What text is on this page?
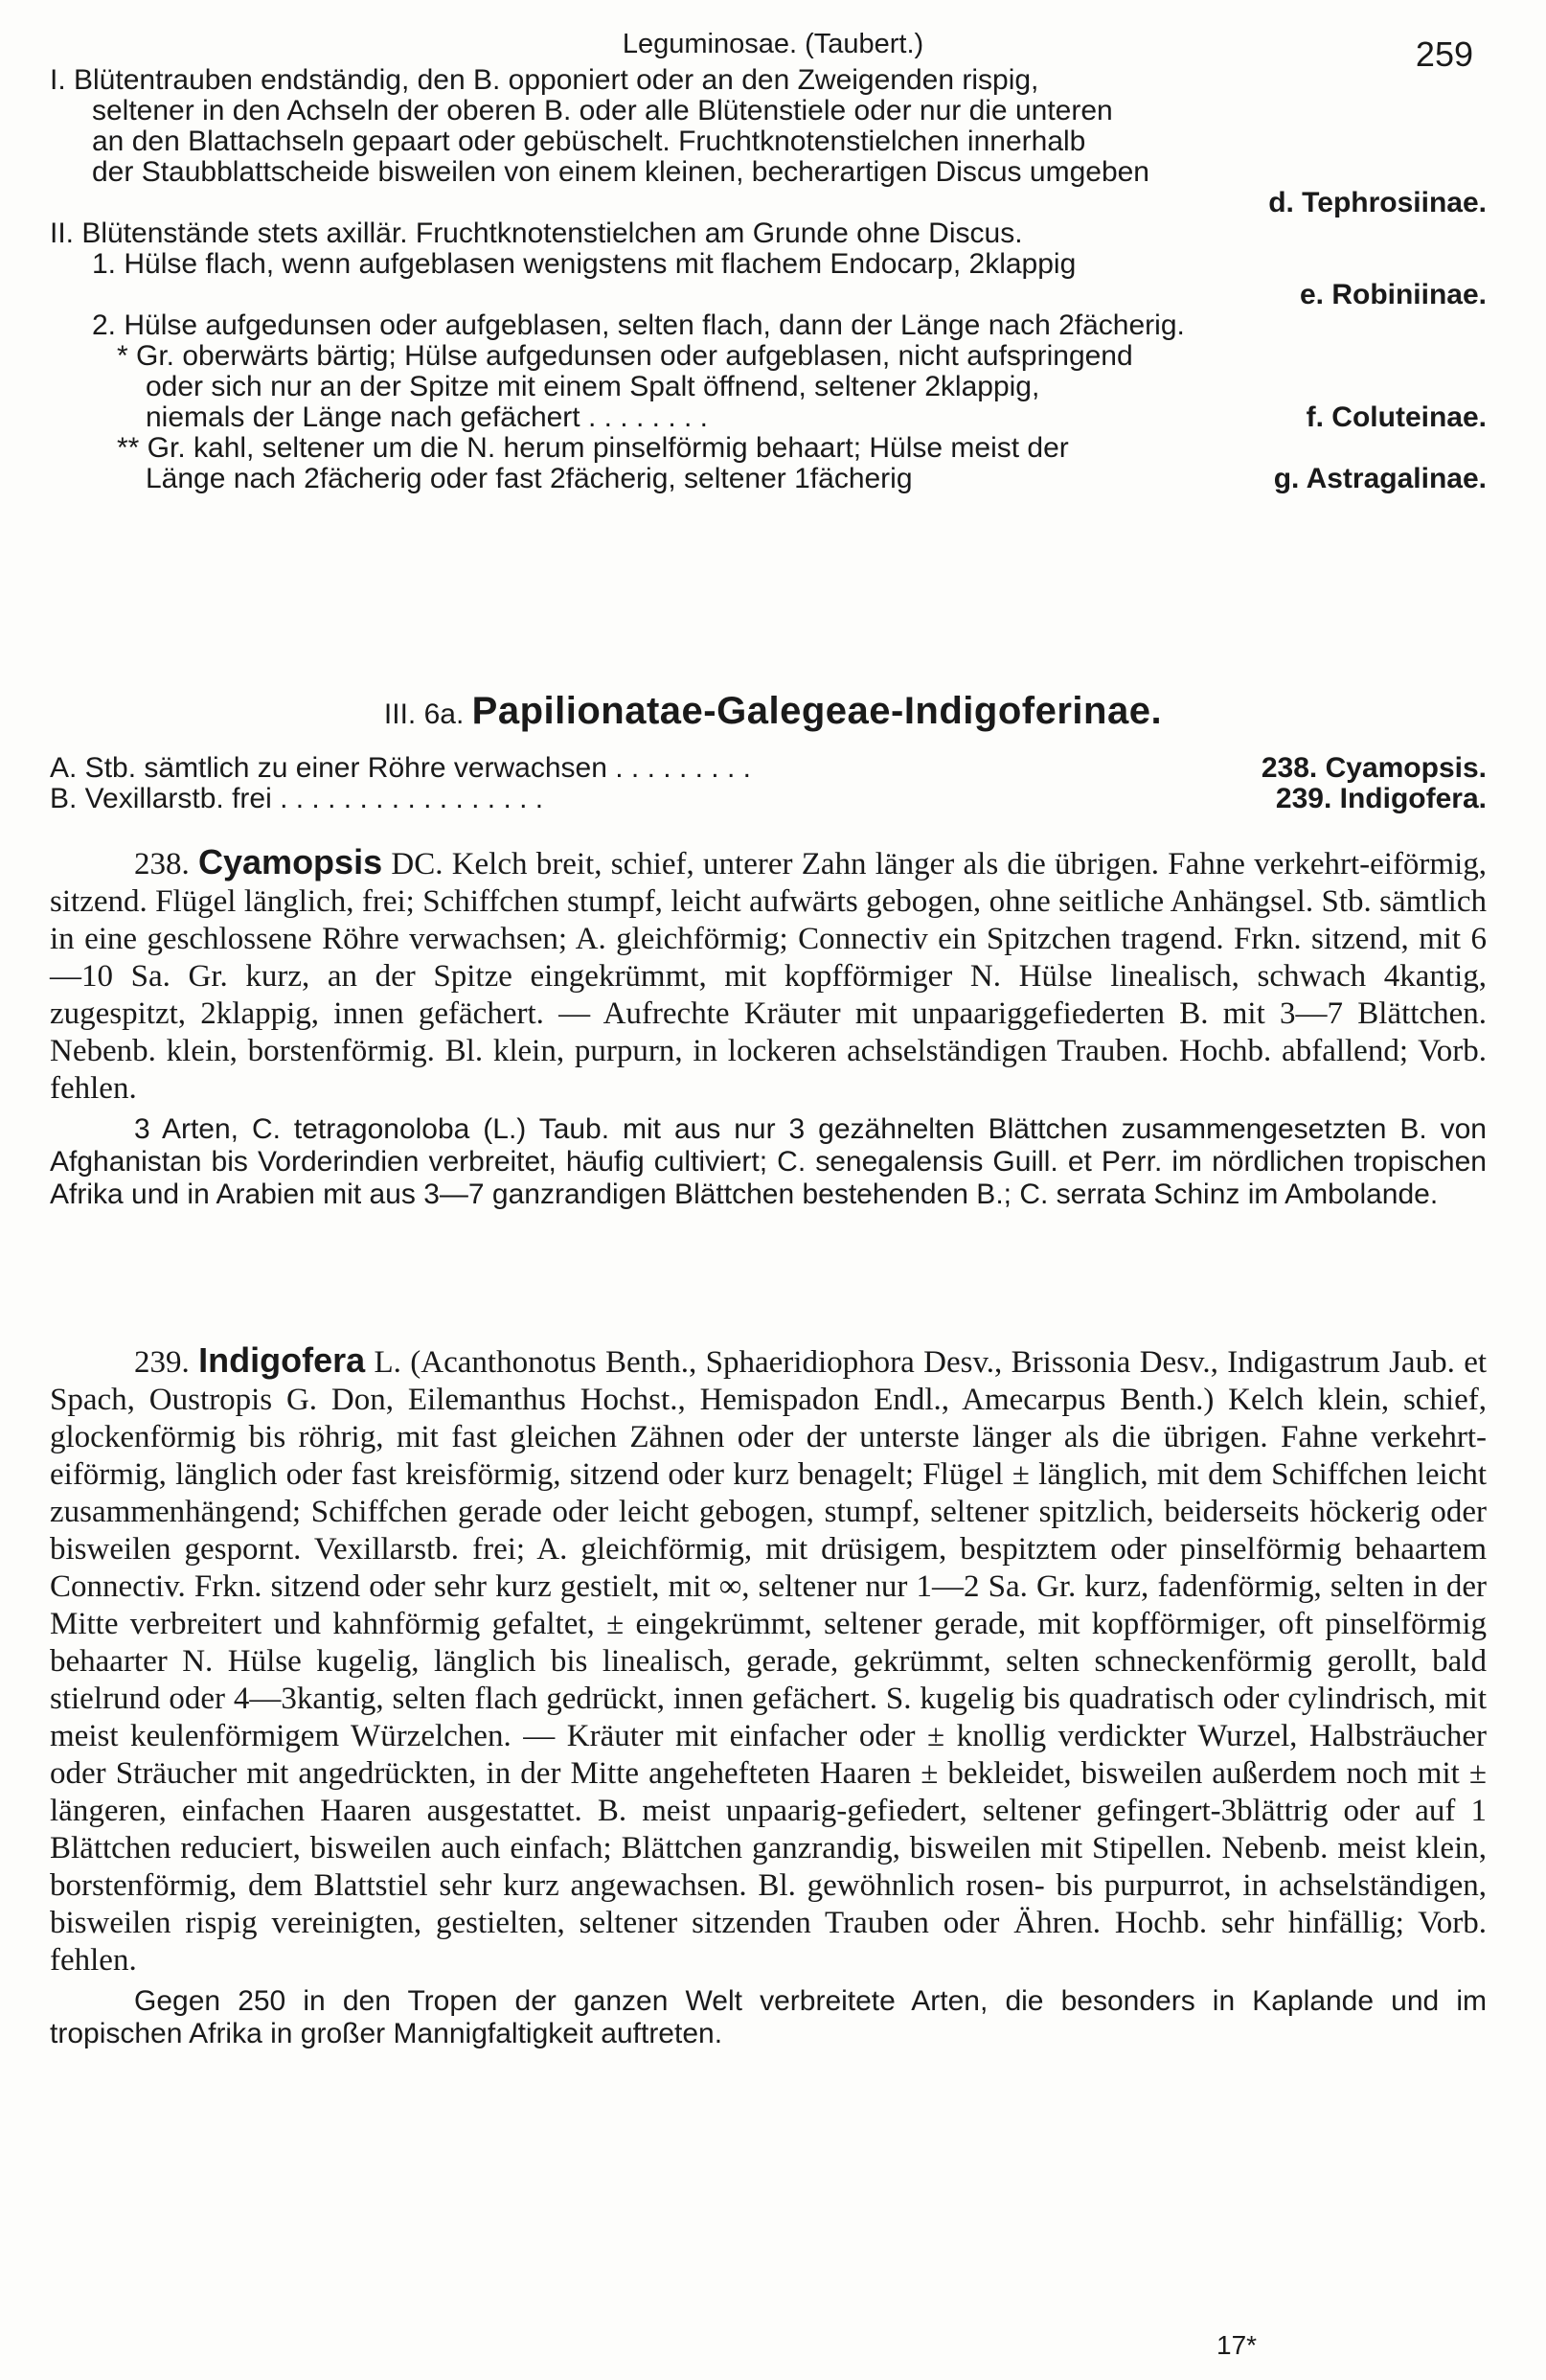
Leguminosae. (Taubert.)	259
I. Blütentrauben endständig, den B. opponiert oder an den Zweigenden rispig,
seltener in den Achseln der oberen B. oder alle Blütenstiele oder nur die unteren
an den Blattachseln gepaart oder gebüschelt. Fruchtknotenstielchen innerhalb
der Staubblattscheide bisweilen von einem kleinen, becherartigen Discus umgeben
d. Tephrosiinae.
II. Blütenstände stets axillär. Fruchtknotenstielchen am Grunde ohne Discus.
1. Hülse flach, wenn aufgeblasen wenigstens mit flachem Endocarp, 2klappig
e. Robiniinae.
2. Hülse aufgedunsen oder aufgeblasen, selten flach, dann der Länge nach 2fächerig.
* Gr. oberwärts bärtig; Hülse aufgedunsen oder aufgeblasen, nicht aufspringend
oder sich nur an der Spitze mit einem Spalt öffnend, seltener 2klappig,
niemals der Länge nach gefächert . . . . . . . .	f. Coluteinae.
** Gr. kahl, seltener um die N. herum pinselförmig behaart; Hülse meist der
Länge nach 2fächerig oder fast 2fächerig, seltener 1fächerig	g. Astragalinae.
III. 6a. Papilionatae-Galegeae-Indigoferinae.
A. Stb. sämtlich zu einer Röhre verwachsen . . . . . . . . .	238. Cyamopsis.
B. Vexillarstb. frei . . . . . . . . . . . . . . . . .	239. Indigofera.

238. Cyamopsis DC. Kelch breit, schief, unterer Zahn länger als die übrigen. Fahne verkehrt-eiförmig, sitzend. Flügel länglich, frei; Schiffchen stumpf, leicht aufwärts gebogen, ohne seitliche Anhängsel. Stb. sämtlich in eine geschlossene Röhre verwachsen; A. gleichförmig; Connectiv ein Spitzchen tragend. Frkn. sitzend, mit 6—10 Sa. Gr. kurz, an der Spitze eingekrümmt, mit kopfförmiger N. Hülse linealisch, schwach 4kantig, zugespitzt, 2klappig, innen gefächert. — Aufrechte Kräuter mit unpaariggefiederten B. mit 3—7 Blättchen. Nebenb. klein, borstenförmig. Bl. klein, purpurn, in lockeren achselständigen Trauben. Hochb. abfallend; Vorb. fehlen.

3 Arten, C. tetragonoloba (L.) Taub. mit aus nur 3 gezähnelten Blättchen zusammengesetzten B. von Afghanistan bis Vorderindien verbreitet, häufig cultiviert; C. senegalensis Guill. et Perr. im nördlichen tropischen Afrika und in Arabien mit aus 3—7 ganzrandigen Blättchen bestehenden B.; C. serrata Schinz im Ambolande.

239. Indigofera L. (Acanthonotus Benth., Sphaeridiophora Desv., Brissonia Desv., Indigastrum Jaub. et Spach, Oustropis G. Don, Eilemanthus Hochst., Hemispadon Endl., Amecarpus Benth.) Kelch klein, schief, glockenförmig bis röhrig, mit fast gleichen Zähnen oder der unterste länger als die übrigen. Fahne verkehrt-eiförmig, länglich oder fast kreisförmig, sitzend oder kurz benagelt; Flügel ± länglich, mit dem Schiffchen leicht zusammenhängend; Schiffchen gerade oder leicht gebogen, stumpf, seltener spitzlich, beiderseits höckerig oder bisweilen gespornt. Vexillarstb. frei; A. gleichförmig, mit drüsigem, bespitztem oder pinselförmig behaartem Connectiv. Frkn. sitzend oder sehr kurz gestielt, mit ∞, seltener nur 1—2 Sa. Gr. kurz, fadenförmig, selten in der Mitte verbreitert und kahnförmig gefaltet, ± eingekrümmt, seltener gerade, mit kopfförmiger, oft pinselförmig behaarter N. Hülse kugelig, länglich bis linealisch, gerade, gekrümmt, selten schneckenförmig gerollt, bald stielrund oder 4—3kantig, selten flach gedrückt, innen gefächert. S. kugelig bis quadratisch oder cylindrisch, mit meist keulenförmigem Würzelchen. — Kräuter mit einfacher oder ± knollig verdickter Wurzel, Halbsträucher oder Sträucher mit angedrückten, in der Mitte angehefteten Haaren ± bekleidet, bisweilen außerdem noch mit ± längeren, einfachen Haaren ausgestattet. B. meist unpaarig-gefiedert, seltener gefingert-3blättrig oder auf 1 Blättchen reduciert, bisweilen auch einfach; Blättchen ganzrandig, bisweilen mit Stipellen. Nebenb. meist klein, borstenförmig, dem Blattstiel sehr kurz angewachsen. Bl. gewöhnlich rosen- bis purpurrot, in achselständigen, bisweilen rispig vereinigten, gestielten, seltener sitzenden Trauben oder Ähren. Hochb. sehr hinfällig; Vorb. fehlen.

Gegen 250 in den Tropen der ganzen Welt verbreitete Arten, die besonders in Kaplande und im tropischen Afrika in großer Mannigfaltigkeit auftreten.

17*
